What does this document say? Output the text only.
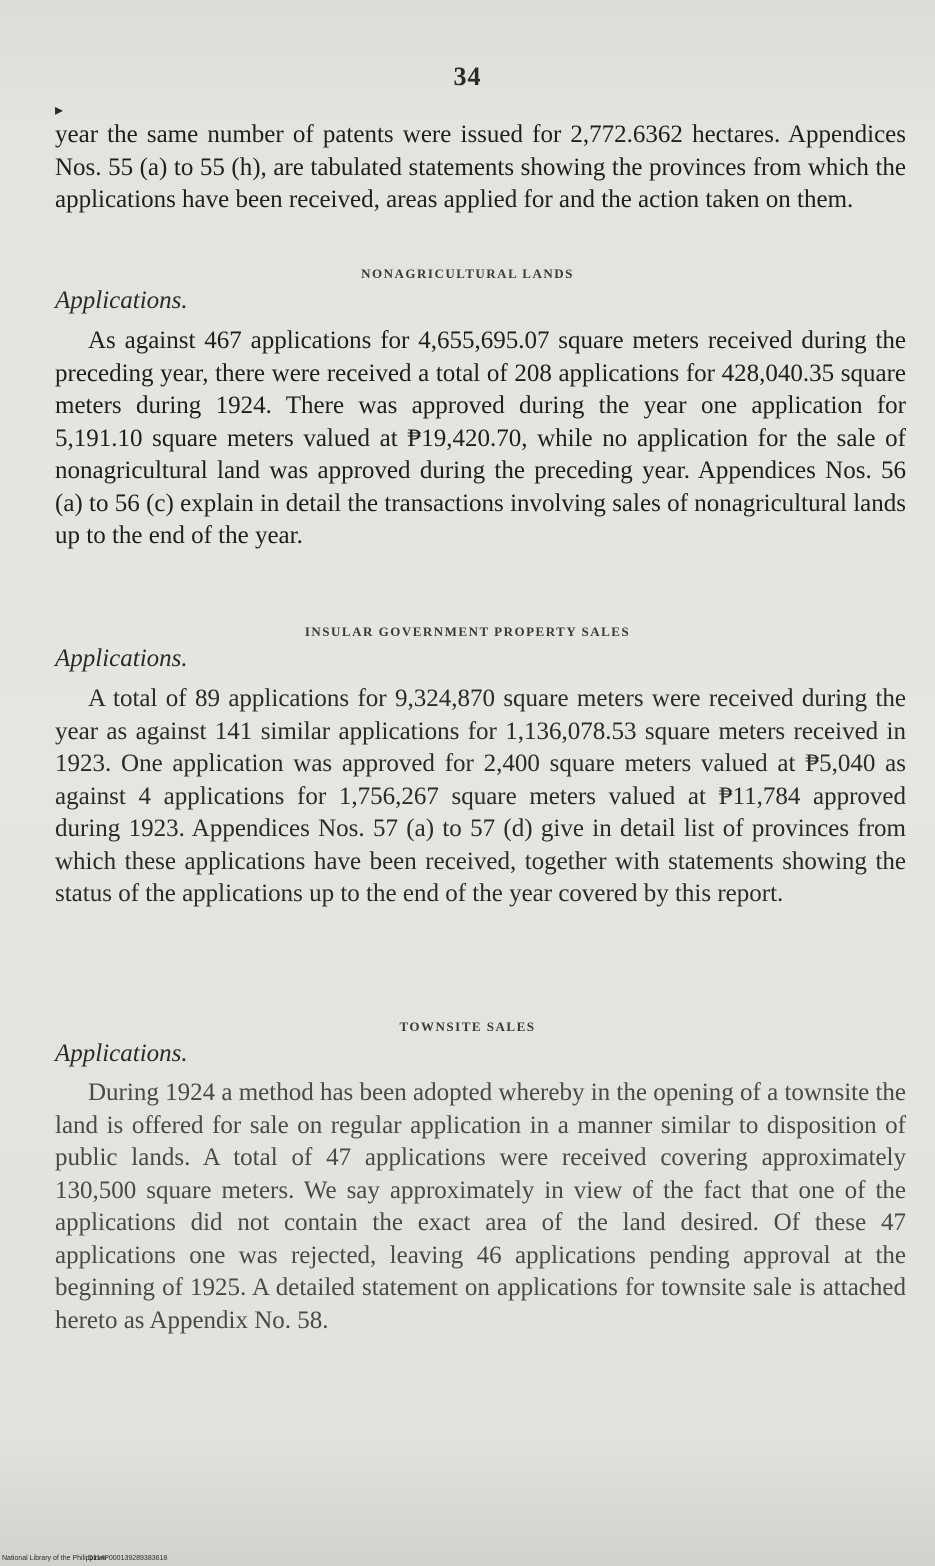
34
▸

year the same number of patents were issued for 2,772.6362 hectares. Appendices Nos. 55 (a) to 55 (h), are tabulated statements showing the provinces from which the applications have been received, areas applied for and the action taken on them.

NONAGRICULTURAL LANDS
Applications.

As against 467 applications for 4,655,695.07 square meters received during the preceding year, there were received a total of 208 applications for 428,040.35 square meters during 1924. There was approved during the year one application for 5,191.10 square meters valued at ₱19,420.70, while no application for the sale of nonagricultural land was approved during the preceding year. Appendices Nos. 56 (a) to 56 (c) explain in detail the transactions involving sales of nonagricultural lands up to the end of the year.

INSULAR GOVERNMENT PROPERTY SALES
Applications.

A total of 89 applications for 9,324,870 square meters were received during the year as against 141 similar applications for 1,136,078.53 square meters received in 1923. One application was approved for 2,400 square meters valued at ₱5,040 as against 4 applications for 1,756,267 square meters valued at ₱11,784 approved during 1923. Appendices Nos. 57 (a) to 57 (d) give in detail list of provinces from which these applications have been received, together with statements showing the status of the applications up to the end of the year covered by this report.

TOWNSITE SALES
Applications.

During 1924 a method has been adopted whereby in the opening of a townsite the land is offered for sale on regular application in a manner similar to disposition of public lands. A total of 47 applications were received covering approximately 130,500 square meters. We say approximately in view of the fact that one of the applications did not contain the exact area of the land desired. Of these 47 applications one was rejected, leaving 46 applications pending approval at the beginning of 1925. A detailed statement on applications for townsite sale is attached hereto as Appendix No. 58.

National Library of the Philippines
D114P000139289383618
